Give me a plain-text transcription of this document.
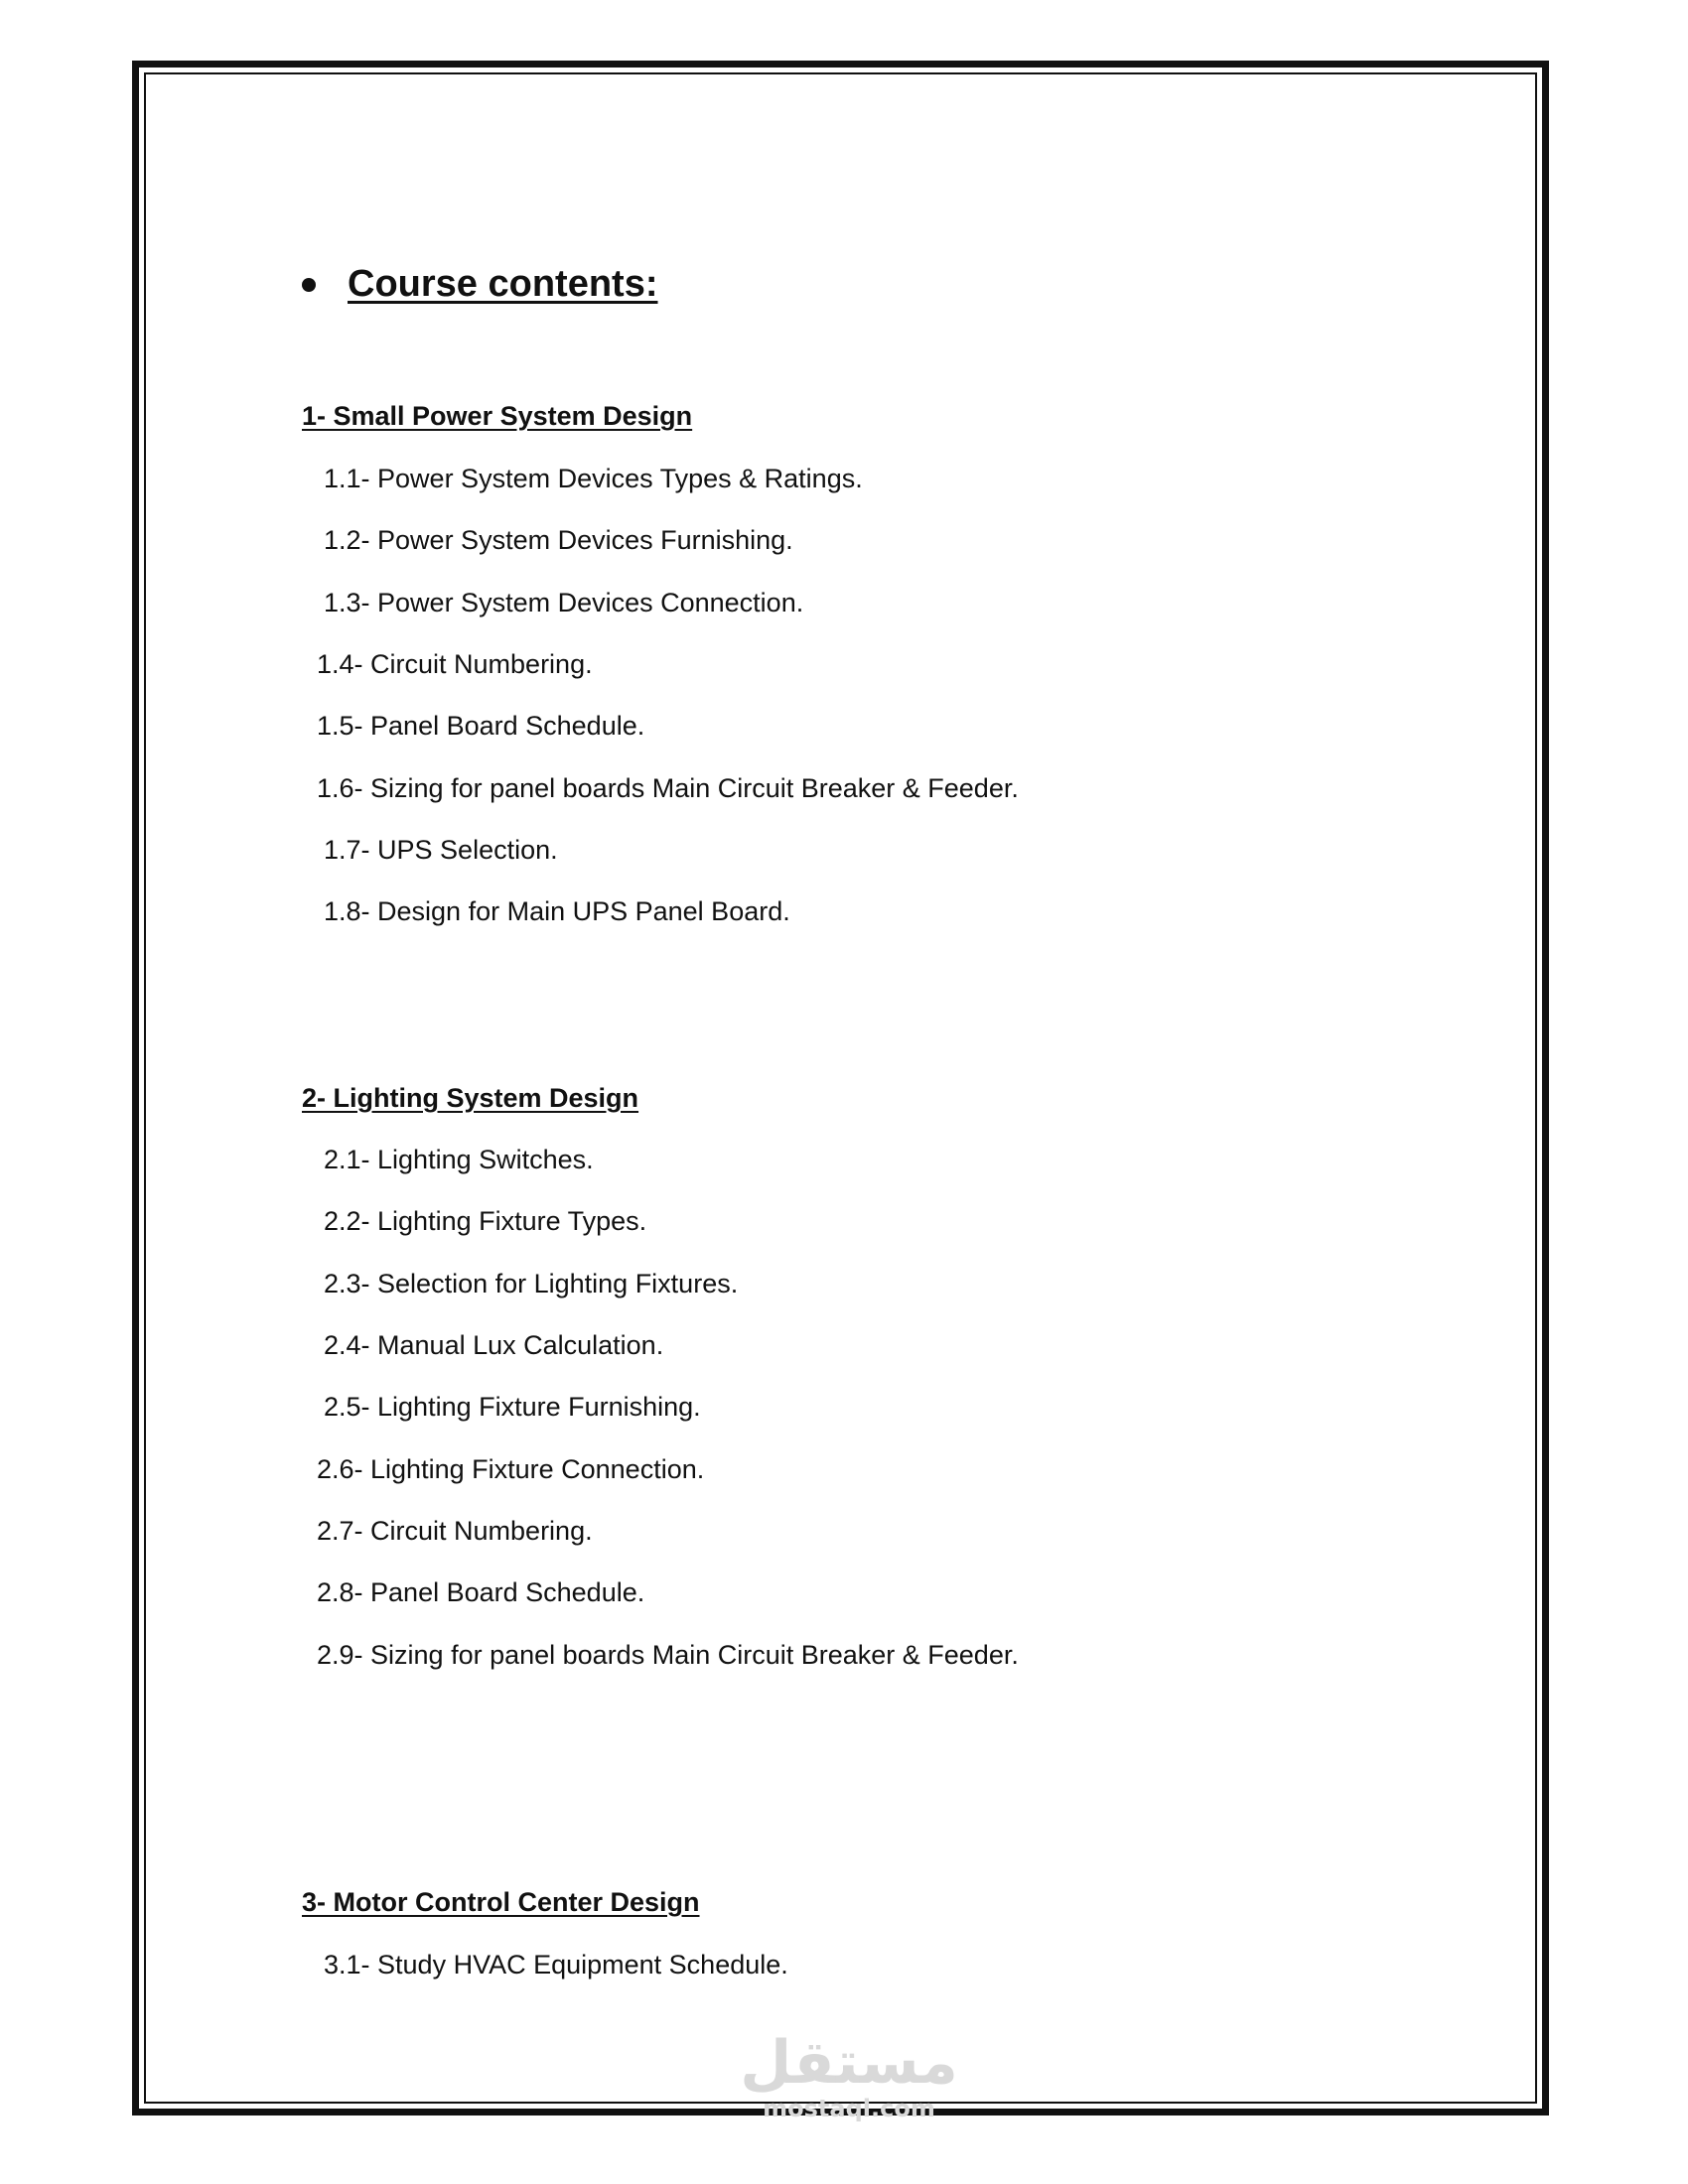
Course contents:
1- Small Power System Design
1.1- Power System Devices Types & Ratings.
1.2- Power System Devices Furnishing.
1.3- Power System Devices Connection.
1.4- Circuit Numbering.
1.5- Panel Board Schedule.
1.6- Sizing for panel boards Main Circuit Breaker & Feeder.
1.7- UPS Selection.
1.8- Design for Main UPS Panel Board.
2- Lighting System Design
2.1- Lighting Switches.
2.2- Lighting Fixture Types.
2.3- Selection for Lighting Fixtures.
2.4- Manual Lux Calculation.
2.5- Lighting Fixture Furnishing.
2.6- Lighting Fixture Connection.
2.7- Circuit Numbering.
2.8- Panel Board Schedule.
2.9- Sizing for panel boards Main Circuit Breaker & Feeder.
3- Motor Control Center Design
3.1- Study HVAC Equipment Schedule.
مستقل
mostaql.com
